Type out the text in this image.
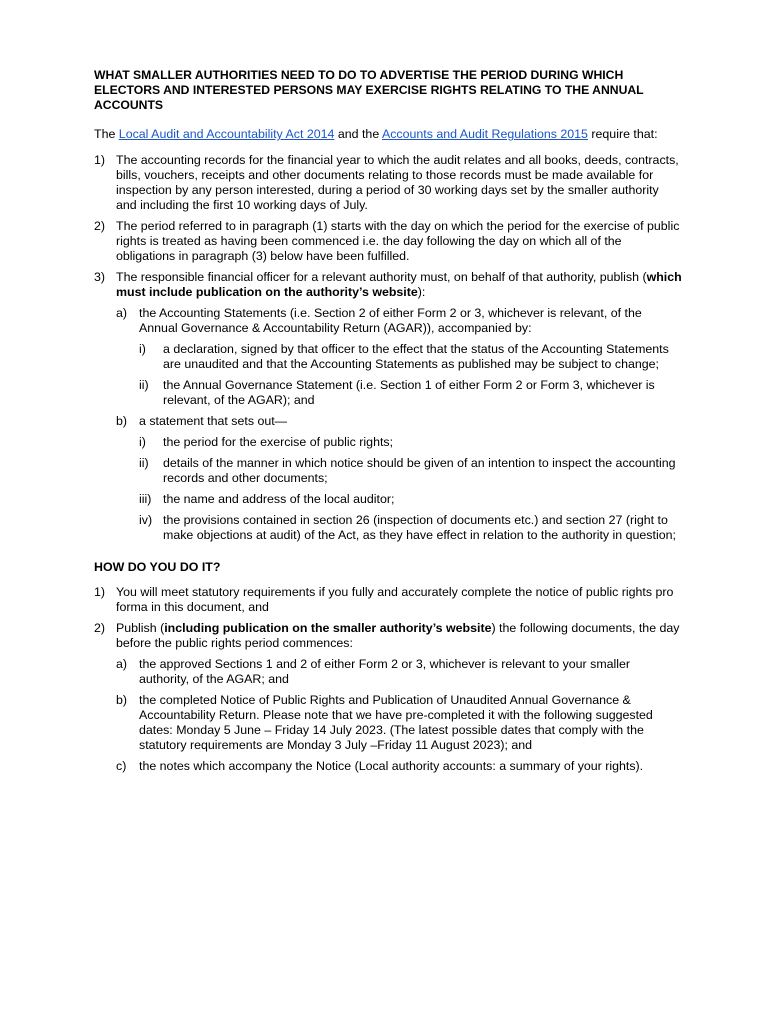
WHAT SMALLER AUTHORITIES NEED TO DO TO ADVERTISE THE PERIOD DURING WHICH ELECTORS AND INTERESTED PERSONS MAY EXERCISE RIGHTS RELATING TO THE ANNUAL ACCOUNTS
The Local Audit and Accountability Act 2014 and the Accounts and Audit Regulations 2015 require that:
1) The accounting records for the financial year to which the audit relates and all books, deeds, contracts, bills, vouchers, receipts and other documents relating to those records must be made available for inspection by any person interested, during a period of 30 working days set by the smaller authority and including the first 10 working days of July.
2) The period referred to in paragraph (1) starts with the day on which the period for the exercise of public rights is treated as having been commenced i.e. the day following the day on which all of the obligations in paragraph (3) below have been fulfilled.
3) The responsible financial officer for a relevant authority must, on behalf of that authority, publish (which must include publication on the authority’s website):
a) the Accounting Statements (i.e. Section 2 of either Form 2 or 3, whichever is relevant, of the Annual Governance & Accountability Return (AGAR)), accompanied by:
i) a declaration, signed by that officer to the effect that the status of the Accounting Statements are unaudited and that the Accounting Statements as published may be subject to change;
ii) the Annual Governance Statement (i.e. Section 1 of either Form 2 or Form 3, whichever is relevant, of the AGAR); and
b) a statement that sets out—
i) the period for the exercise of public rights;
ii) details of the manner in which notice should be given of an intention to inspect the accounting records and other documents;
iii) the name and address of the local auditor;
iv) the provisions contained in section 26 (inspection of documents etc.) and section 27 (right to make objections at audit) of the Act, as they have effect in relation to the authority in question;
HOW DO YOU DO IT?
1) You will meet statutory requirements if you fully and accurately complete the notice of public rights pro forma in this document, and
2) Publish (including publication on the smaller authority’s website) the following documents, the day before the public rights period commences:
a) the approved Sections 1 and 2 of either Form 2 or 3, whichever is relevant to your smaller authority, of the AGAR; and
b) the completed Notice of Public Rights and Publication of Unaudited Annual Governance & Accountability Return. Please note that we have pre-completed it with the following suggested dates: Monday 5 June – Friday 14 July 2023. (The latest possible dates that comply with the statutory requirements are Monday 3 July –Friday 11 August 2023); and
c) the notes which accompany the Notice (Local authority accounts: a summary of your rights).
